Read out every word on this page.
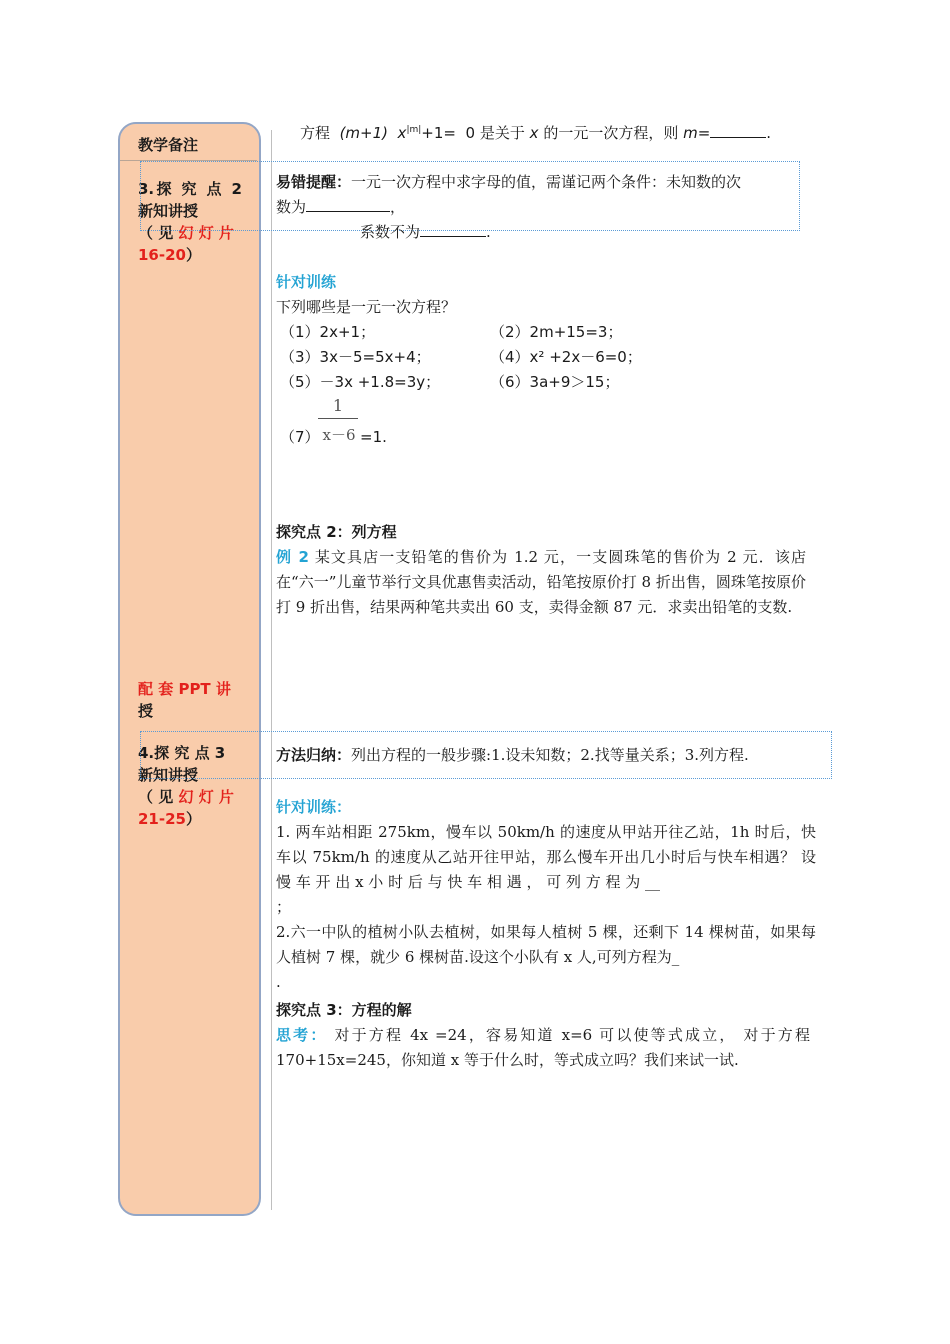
教学备注
3.探 究 点 2 新知讲授
（ 见 幻 灯 片
16-20）
配 套 PPT 讲
授
4.探 究 点 3 新知讲授
（ 见 幻 灯 片
21-25）
方程 (m+1) $x^{|m|}+1= 0$ 是关于 x 的一元一次方程，则 m=	.
易错提醒：一元一次方程中求字母的值，需谨记两个条件：未知数的次
数为	，
系数不为	.
针对训练
下列哪些是一元一次方程？
（1）2x+1；	（2）2m+15=3；
（3）3x－5=5x+4；	（4）x² +2x－6=0；
（5）－3x +1.8=3y；	（6）3a+9＞15；
1
（7） x－6 =1.
探究点 2：列方程
例 2 某文具店一支铅笔的售价为 1.2 元，一支圆珠笔的售价为 2 元．该店在“六一”儿童节举行文具优惠售卖活动，铅笔按原价打 8 折出售，圆珠笔按原价打 9 折出售，结果两种笔共卖出 60 支，卖得金额 87 元．求卖出铅笔的支数.
方法归纳：列出方程的一般步骤:1.设未知数；2.找等量关系；3.列方程.
针对训练：
1. 两车站相距 275km，慢车以 50km/h 的速度从甲站开往乙站，1h 时后，快车以 75km/h 的速度从乙站开往甲站，那么慢车开出几小时后与快车相遇？ 设 慢 车 开 出 x 小 时 后 与 快 车 相 遇 ， 可 列 方 程 为 __
；
2.六一中队的植树小队去植树，如果每人植树 5 棵，还剩下 14 棵树苗，如果每人植树 7 棵，就少 6 棵树苗.设这个小队有 x 人,可列方程为_
.
探究点 3：方程的解
思考： 对于方程 4x =24，容易知道 x=6 可以使等式成立， 对于方程 170+15x=245，你知道 x 等于什么时，等式成立吗？我们来试一试.
